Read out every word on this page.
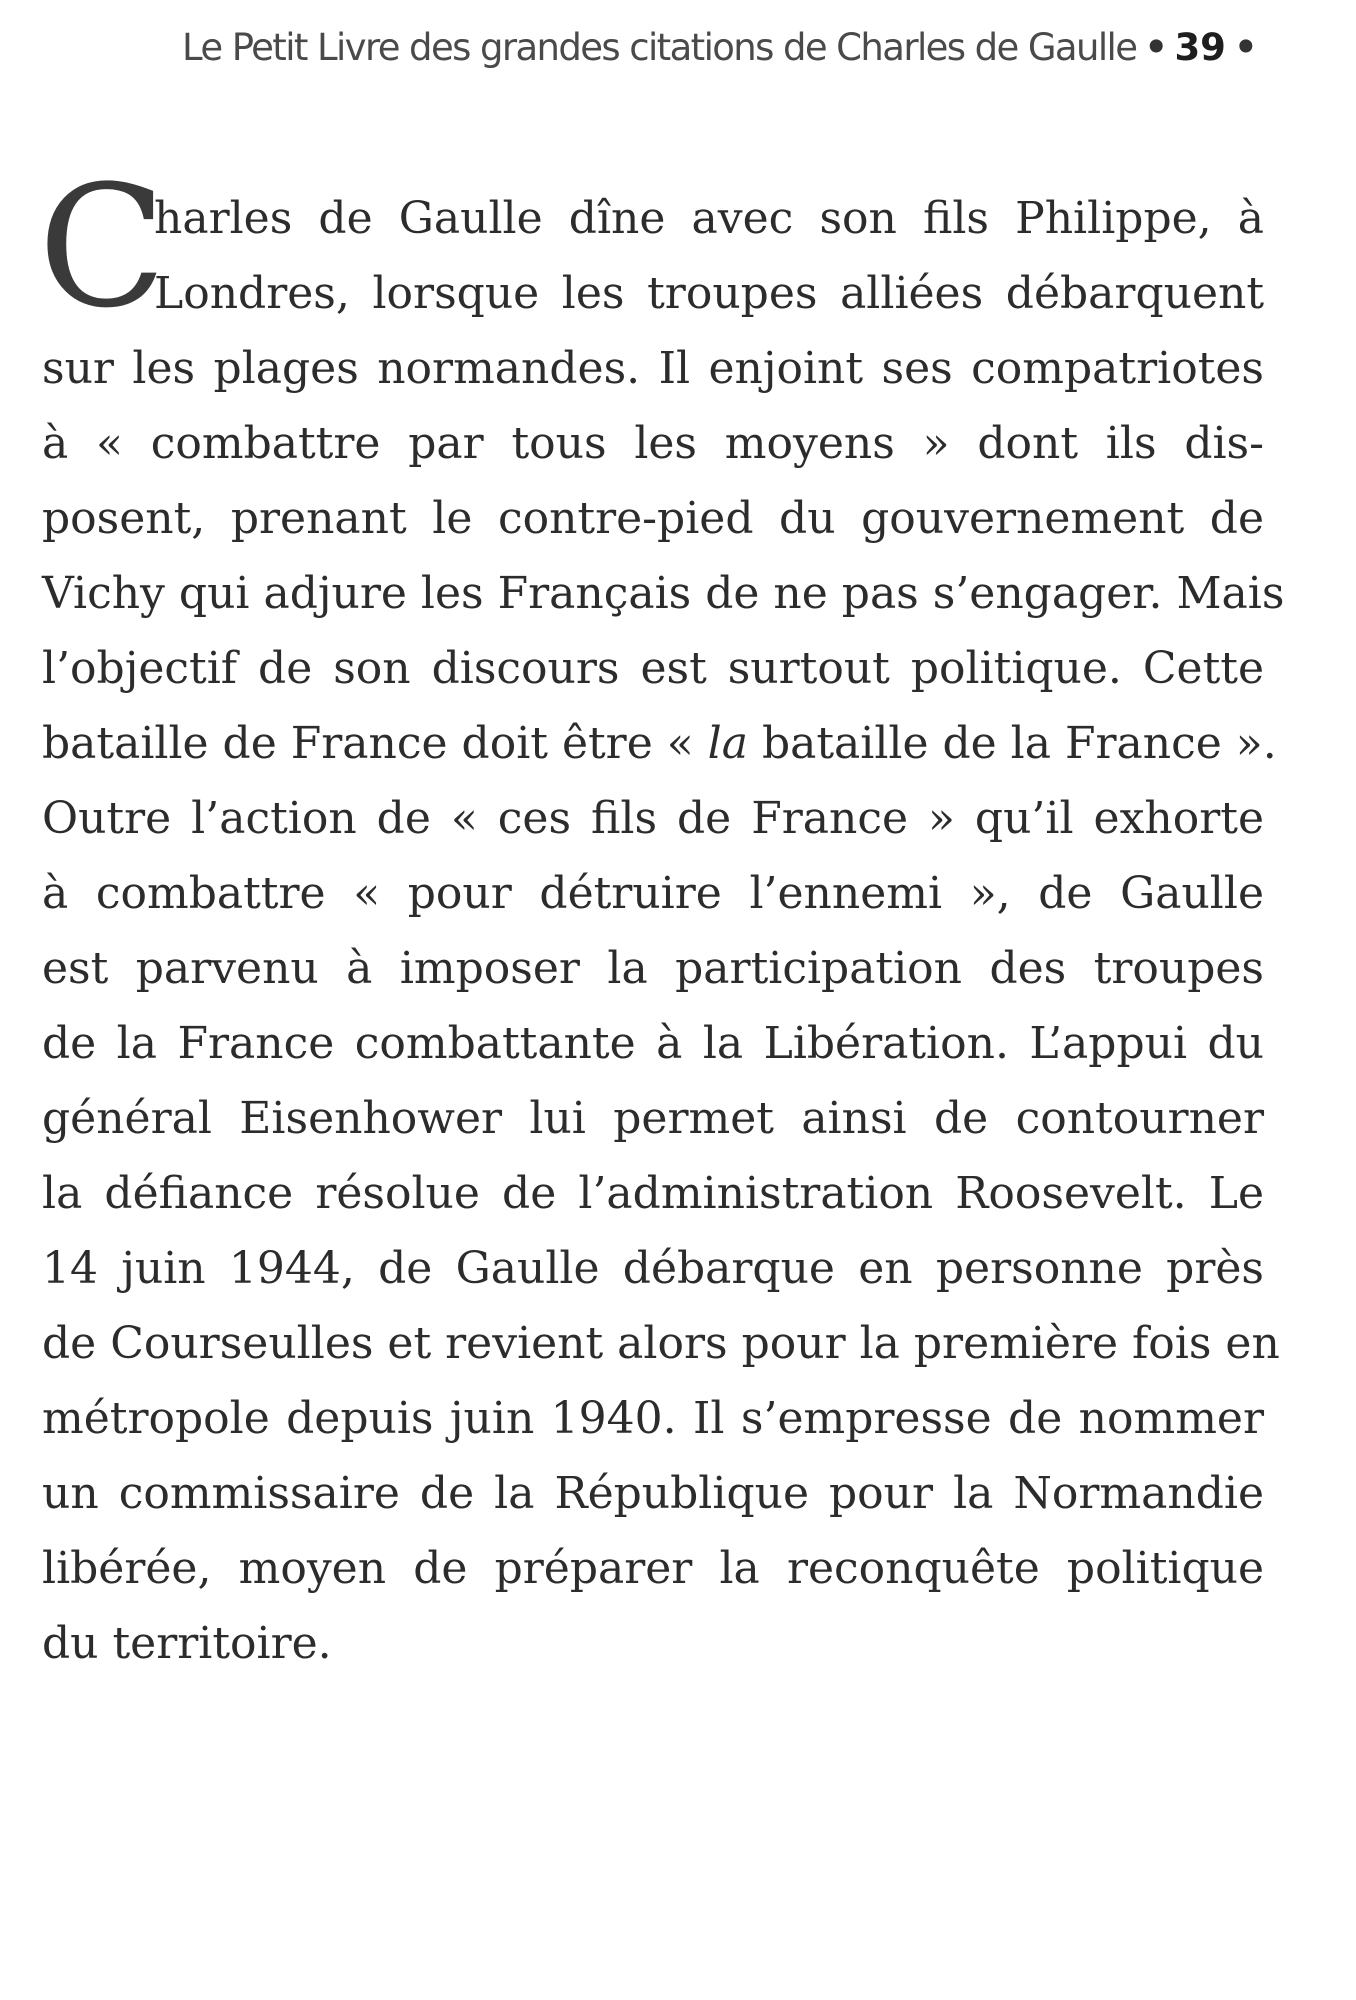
Le Petit Livre des grandes citations de Charles de Gaulle • 39 •
C
harles de Gaulle dîne avec son fils Philippe, à
Londres, lorsque les troupes alliées débarquent
sur les plages normandes. Il enjoint ses compatriotes
à « combattre par tous les moyens » dont ils dis-
posent, prenant le contre-pied du gouvernement de
Vichy qui adjure les Français de ne pas s’engager. Mais
l’objectif de son discours est surtout politique. Cette
bataille de France doit être « la bataille de la France ».
Outre l’action de « ces fils de France » qu’il exhorte
à combattre « pour détruire l’ennemi », de Gaulle
est parvenu à imposer la participation des troupes
de la France combattante à la Libération. L’appui du
général Eisenhower lui permet ainsi de contourner
la défiance résolue de l’administration Roosevelt. Le
14 juin 1944, de Gaulle débarque en personne près
de Courseulles et revient alors pour la première fois en
métropole depuis juin 1940. Il s’empresse de nommer
un commissaire de la République pour la Normandie
libérée, moyen de préparer la reconquête politique
du territoire.
